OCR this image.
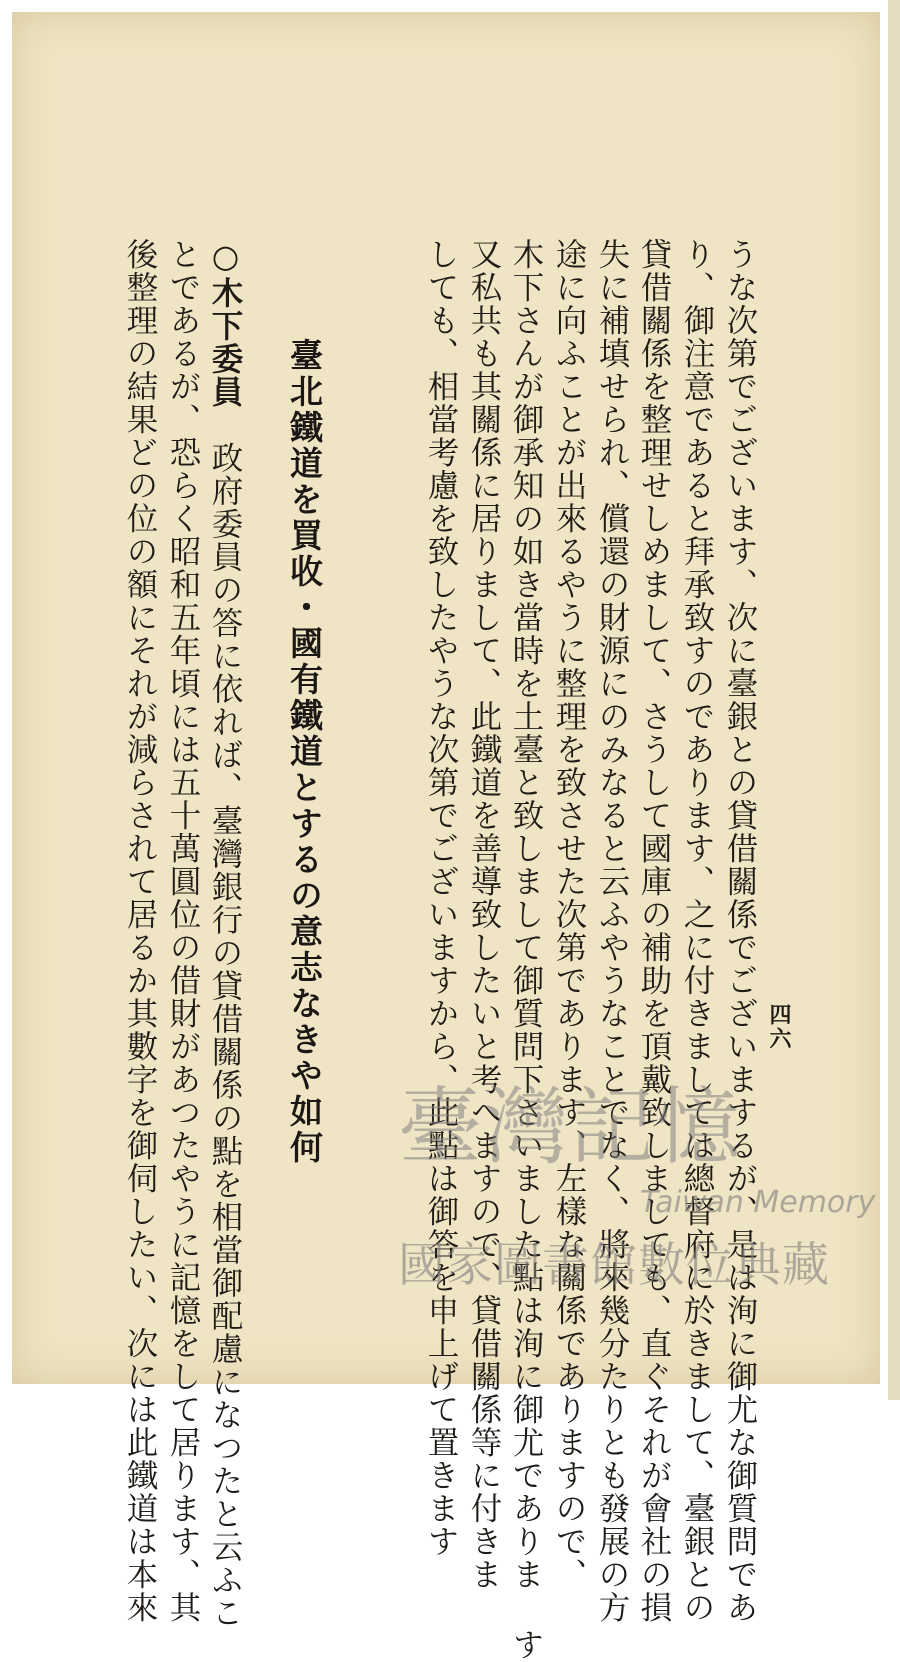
四六
うな次第でございます、次に臺銀との貸借關係でございまするが、是は洵に御尤な御質問であ
り、御注意であると拜承致すのであります、之に付きましては總督府に於きまして、臺銀との
貸借關係を整理せしめまして、さうして國庫の補助を頂戴致しましても、直ぐそれが會社の損
失に補填せられ、償還の財源にのみなると云ふやうなことでなく、將來幾分たりとも發展の方
途に向ふことが出來るやうに整理を致させた次第であります、左樣な關係でありますので、
木下さんが御承知の如き當時を土臺と致しまして御質問下さいました點は洵に御尤でありま す
又私共も其關係に居りまして、此鐵道を善導致したいと考へますので、貸借關係等に付きま
しても、相當考慮を致したやうな次第でございますから、此點は御答を申上げて置きます
臺北鐵道を買收・國有鐵道とするの意志なきや如何
○木下委員　政府委員の答に依れば、臺灣銀行の貸借關係の點を相當御配慮になつたと云ふこ
とであるが、恐らく昭和五年頃には五十萬圓位の借財があつたやうに記憶をして居ります、其
後整理の結果どの位の額にそれが減らされて居るか其數字を御伺したい、次には此鐵道は本來	臺灣記憶
Taiwan Memory
國家圖書館數位典藏
